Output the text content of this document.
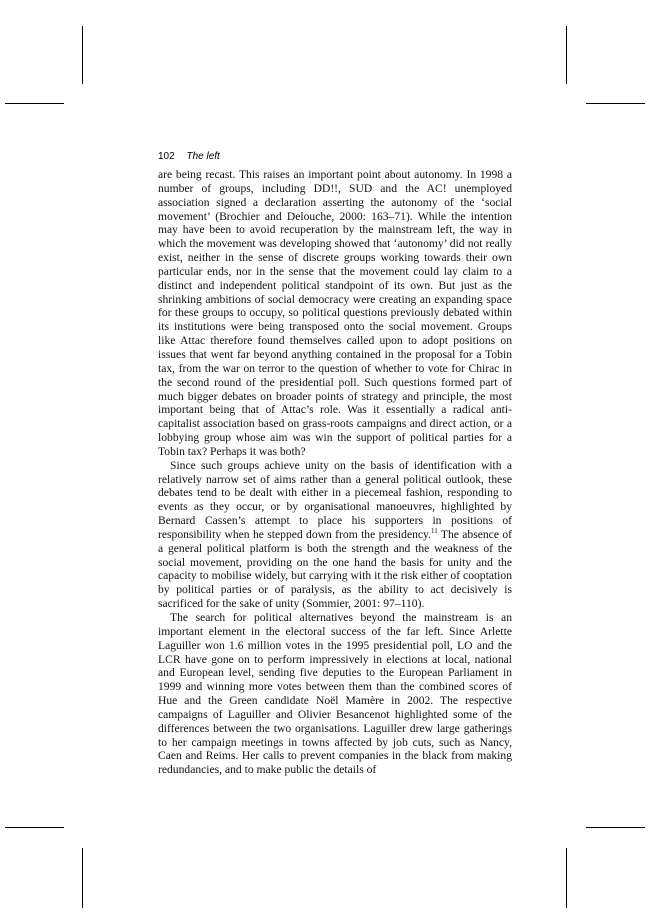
102 The left

are being recast. This raises an important point about autonomy. In 1998 a number of groups, including DD!!, SUD and the AC! unemployed association signed a declaration asserting the autonomy of the ‘social movement’ (Brochier and Delouche, 2000: 163–71). While the intention may have been to avoid recuperation by the mainstream left, the way in which the movement was developing showed that ‘autonomy’ did not really exist, neither in the sense of discrete groups working towards their own particular ends, nor in the sense that the movement could lay claim to a distinct and independent political standpoint of its own. But just as the shrinking ambitions of social democracy were creating an expanding space for these groups to occupy, so political questions previously debated within its institutions were being transposed onto the social movement. Groups like Attac therefore found themselves called upon to adopt positions on issues that went far beyond anything contained in the proposal for a Tobin tax, from the war on terror to the question of whether to vote for Chirac in the second round of the presidential poll. Such questions formed part of much bigger debates on broader points of strategy and principle, the most important being that of Attac’s role. Was it essentially a radical anti-capitalist association based on grass-roots campaigns and direct action, or a lobbying group whose aim was win the support of political parties for a Tobin tax? Perhaps it was both?

Since such groups achieve unity on the basis of identification with a relatively narrow set of aims rather than a general political outlook, these debates tend to be dealt with either in a piecemeal fashion, responding to events as they occur, or by organisational manoeuvres, highlighted by Bernard Cassen’s attempt to place his supporters in positions of responsibility when he stepped down from the presidency.$^{11}$ The absence of a general political platform is both the strength and the weakness of the social movement, providing on the one hand the basis for unity and the capacity to mobilise widely, but carrying with it the risk either of cooptation by political parties or of paralysis, as the ability to act decisively is sacrificed for the sake of unity (Sommier, 2001: 97–110).

The search for political alternatives beyond the mainstream is an important element in the electoral success of the far left. Since Arlette Laguiller won 1.6 million votes in the 1995 presidential poll, LO and the LCR have gone on to perform impressively in elections at local, national and European level, sending five deputies to the European Parliament in 1999 and winning more votes between them than the combined scores of Hue and the Green candidate Noël Mamère in 2002. The respective campaigns of Laguiller and Olivier Besancenot highlighted some of the differences between the two organisations. Laguiller drew large gatherings to her campaign meetings in towns affected by job cuts, such as Nancy, Caen and Reims. Her calls to prevent companies in the black from making redundancies, and to make public the details of
